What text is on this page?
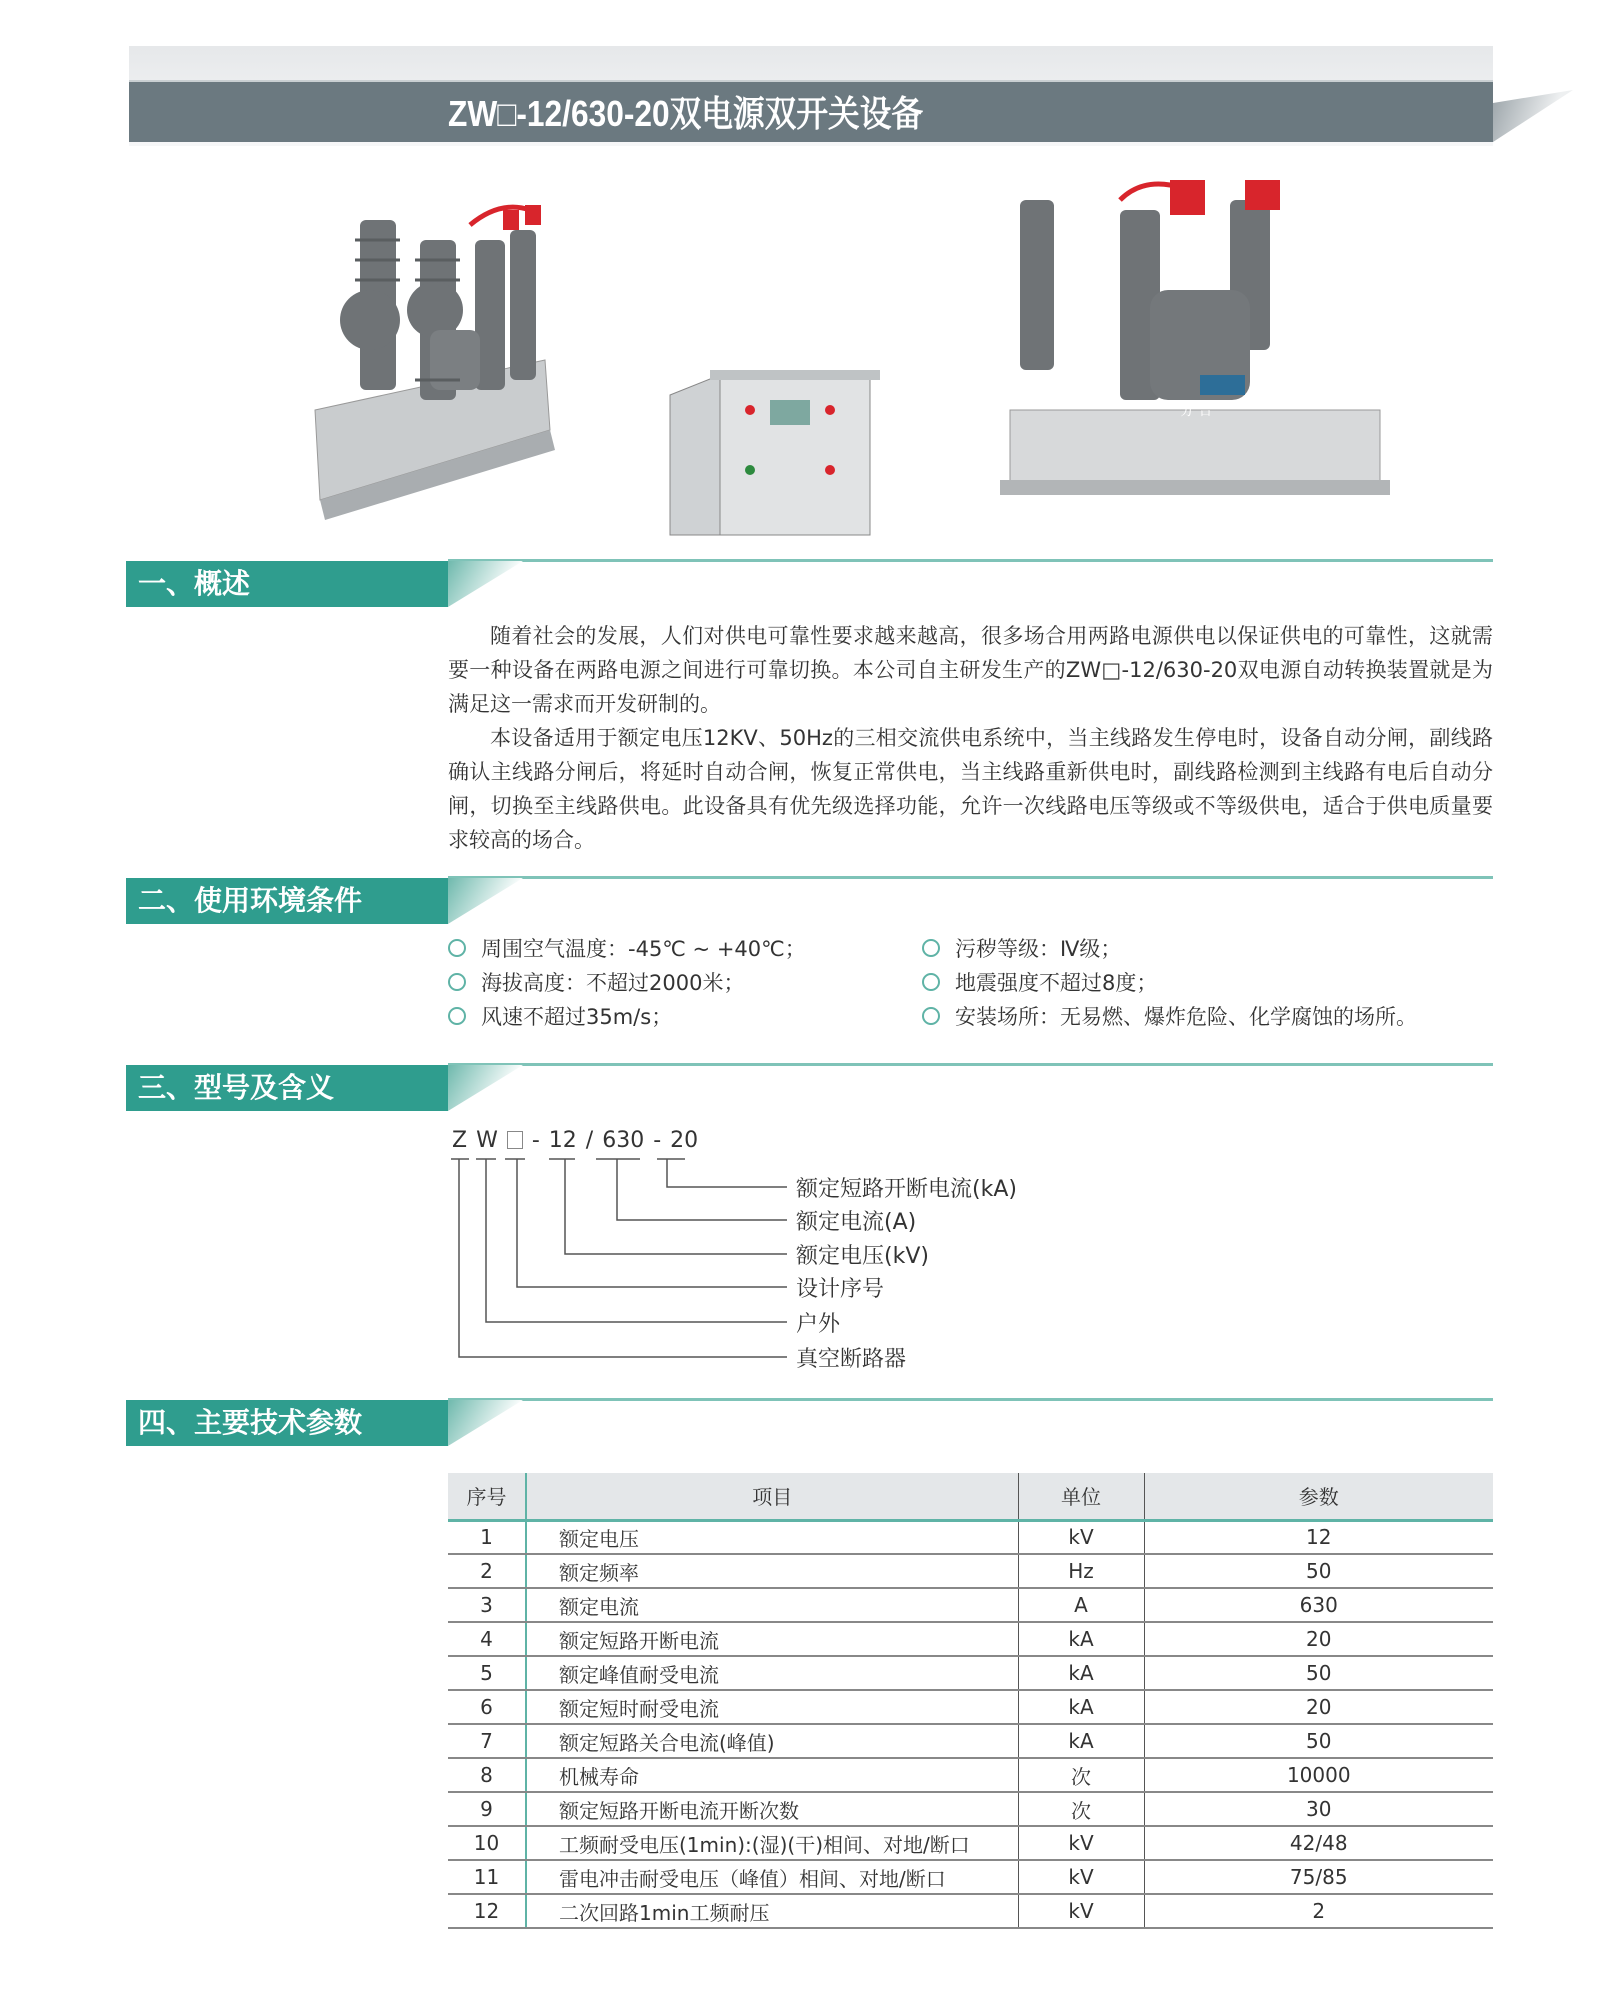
ZW□-12/630-20双电源双开关设备
分 合
一、概述

随着社会的发展，人们对供电可靠性要求越来越高，很多场合用两路电源供电以保证供电的可靠性，这就需要一种设备在两路电源之间进行可靠切换。本公司自主研发生产的ZW□-12/630-20双电源自动转换装置就是为满足这一需求而开发研制的。

本设备适用于额定电压12KV、50Hz的三相交流供电系统中，当主线路发生停电时，设备自动分闸，副线路确认主线路分闸后，将延时自动合闸，恢复正常供电，当主线路重新供电时，副线路检测到主线路有电后自动分闸，切换至主线路供电。此设备具有优先级选择功能，允许一次线路电压等级或不等级供电，适合于供电质量要求较高的场合。

二、使用环境条件
周围空气温度：-45℃ ~ +40℃；
海拔高度：不超过2000米；
风速不超过35m/s；
污秽等级：Ⅳ级；
地震强度不超过8度；
安装场所：无易燃、爆炸危险、化学腐蚀的场所。
三、型号及含义
Z W - 12 / 630 - 20
额定短路开断电流(kA)
额定电流(A)
额定电压(kV)
设计序号
户外
真空断路器
四、主要技术参数
序号	项目	单位	参数
1	额定电压	kV	12
2	额定频率	Hz	50
3	额定电流	A	630
4	额定短路开断电流	kA	20
5	额定峰值耐受电流	kA	50
6	额定短时耐受电流	kA	20
7	额定短路关合电流(峰值)	kA	50
8	机械寿命	次	10000
9	额定短路开断电流开断次数	次	30
10	工频耐受电压(1min):(湿)(干)相间、对地/断口	kV	42/48
11	雷电冲击耐受电压（峰值）相间、对地/断口	kV	75/85
12	二次回路1min工频耐压	kV	2
